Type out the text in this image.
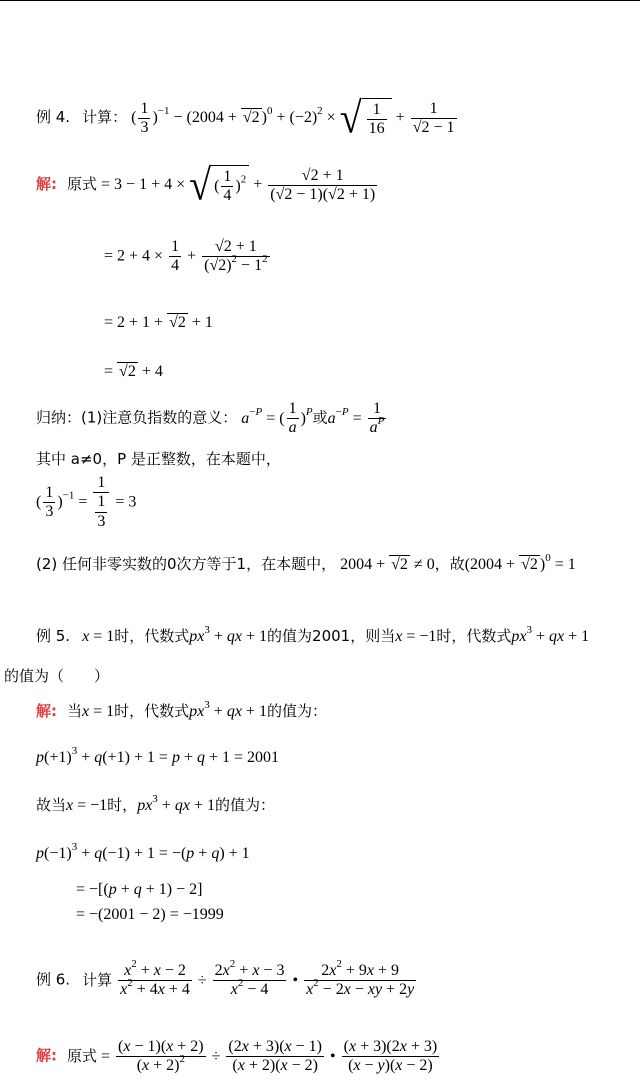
例 4. 计算： ( $\frac{1}{3} )^{-1} - (2004 + √2$ )$^0 + (-2)^2$ × √ $\frac{1}{16} + \frac{1}{√2 - 1}$
解: 原式 = 3 − 1 + 4 × √ ( $\frac{1}{4} )^2 + \frac{√2 + 1}{(√2 - 1)(√2 + 1)}$
= $2 + 4 \times \frac{1}{4} + \frac{√2 + 1}{(√2)^2 - 1^2}$
= 2 + 1 + √2 + 1
= √2 + 4
归纳：(1)注意负指数的意义： $a^{-P}$ = ( $\frac{1}{a} )^P$或$a^{-P} = \frac{1}{a^P}$
其中 a≠0，P 是正整数，在本题中，
( $\frac{1}{3} )^{-1} = \frac{1}{\frac{1}{3}} = 3$
(2) 任何非零实数的0次方等于1，在本题中， 2004 + √2 ≠ 0，故(2004 + √2 )$^0$ = 1
例 5. x = 1时，代数式$px^3$ + qx + 1的值为2001，则当x = −1时，代数式$px^3$ + qx + 1
的值为（　　）
解: 当x = 1时，代数式$px^3$ + qx + 1的值为：
$p(+1)^3 + q(+1) + 1 = p + q + 1 = 2001$
故当x = −1时，$px^3$ + qx + 1的值为：
$p(-1)^3 + q(-1) + 1 = -(p + q) + 1$
= −[(p + q + 1) − 2]
= −(2001 − 2) = −1999
例 6. 计算 $\frac{x^2 + x - 2}{x^2 + 4x + 4} \div \frac{2x^2 + x - 3}{x^2 - 4}$ • $\frac{2x^2 + 9x + 9}{x^2 - 2x - xy + 2y}$
解: 原式 = $\frac{(x - 1)(x + 2)}{(x + 2)^2} \div \frac{(2x + 3)(x - 1)}{(x + 2)(x - 2)}$ • $\frac{(x + 3)(2x + 3)}{(x - y)(x - 2)}$
